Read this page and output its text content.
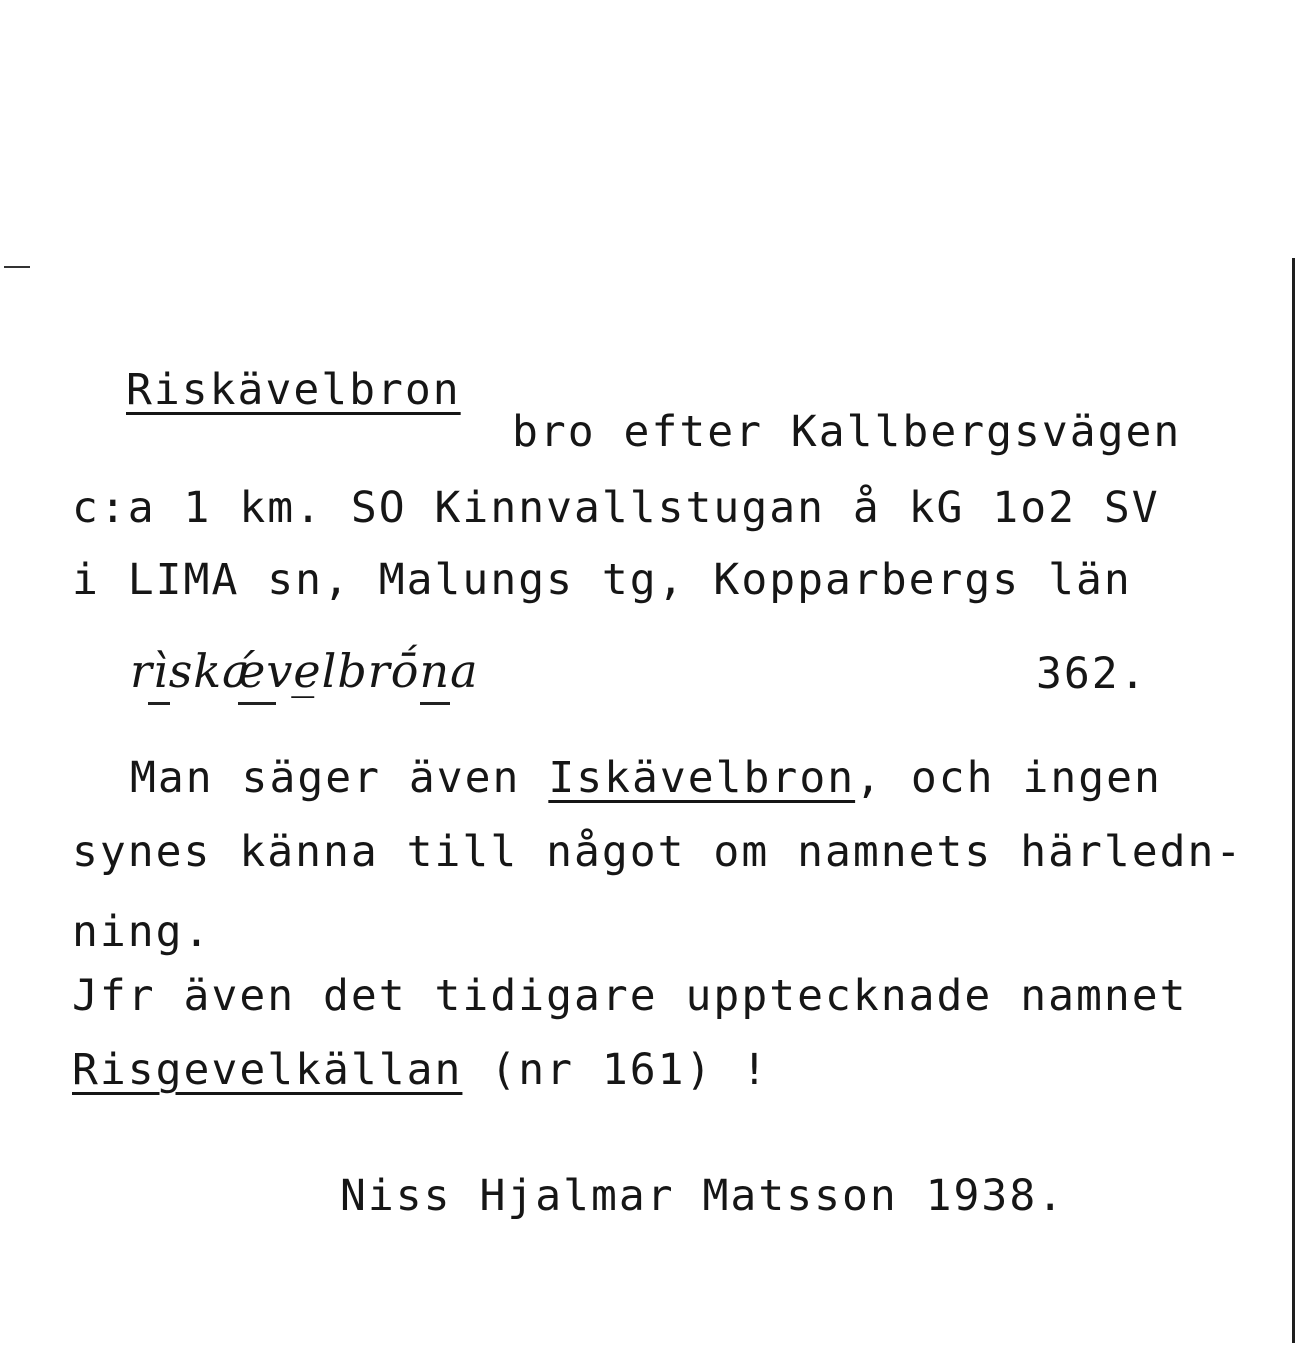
Riskävelbron
bro efter Kallbergsvägen
c:a 1 km. SO Kinnvallstugan å kG 1o2 SV
i LIMA sn, Malungs tg, Kopparbergs län
rìskǽve̲lbrṓna	362.
Man säger även Iskävelbron, och ingen
synes känna till något om namnets härledn-
ning.
Jfr även det tidigare upptecknade namnet
Risgevelkällan (nr 161) !
Niss Hjalmar Matsson 1938.
